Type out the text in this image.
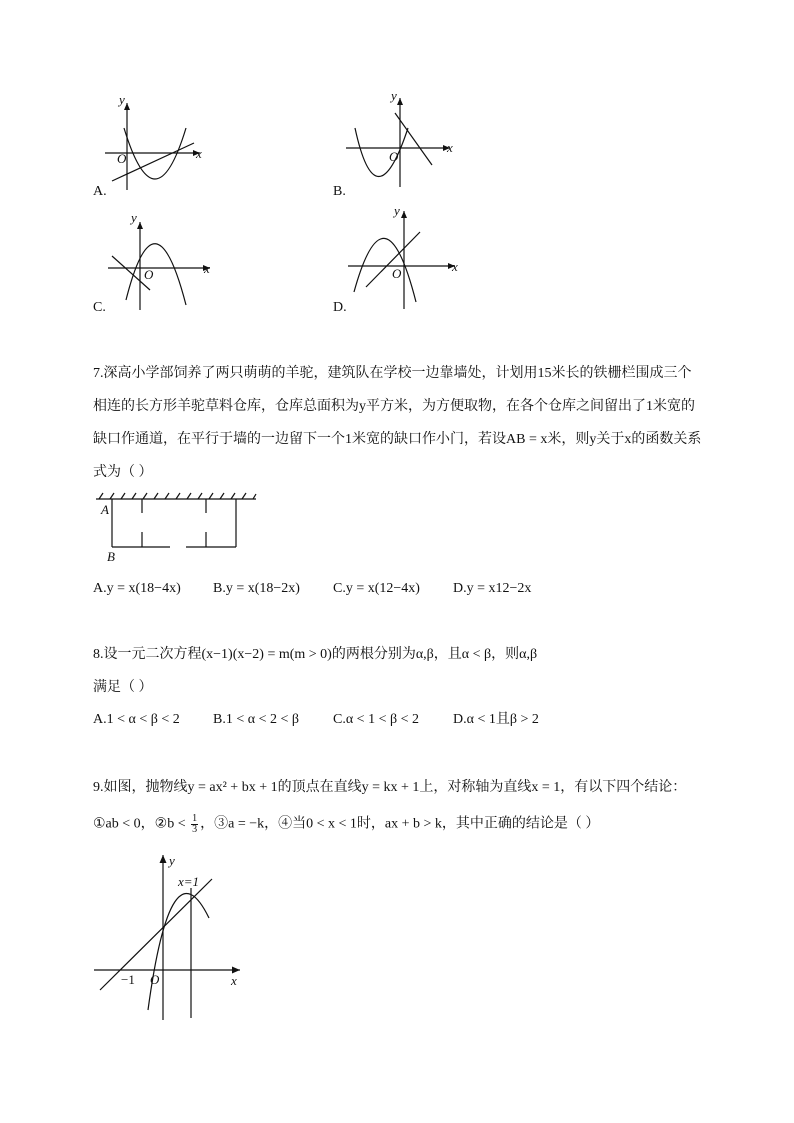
y
x
O
A.
y
x
O
B.
y
x
O
C.
y
x
O
D.
7.深高小学部饲养了两只萌萌的羊驼，建筑队在学校一边靠墙处，计划用15米长的铁栅栏围成三个
相连的长方形羊驼草料仓库，仓库总面积为y平方米，为方便取物，在各个仓库之间留出了1米宽的
缺口作通道，在平行于墙的一边留下一个1米宽的缺口作小门，若设AB = x米，则y关于x的函数关系
式为（ ）
A
B
A.y = x(18−4x) B.y = x(18−2x) C.y = x(12−4x) D.y = x12−2x
8.设一元二次方程(x−1)(x−2) = m(m > 0)的两根分别为α,β，且α < β，则α,β
满足（ ）
A.1 < α < β < 2 B.1 < α < 2 < β C.α < 1 < β < 2 D.α < 1且β > 2
9.如图，抛物线y = ax² + bx + 1的顶点在直线y = kx + 1上，对称轴为直线x = 1，有以下四个结论：
①ab < 0，②b < $\frac{1}{3}$ ，③a = −k，④当0 < x < 1时，ax + b > k，其中正确的结论是（ ）
y
x
O
−1
x=1
